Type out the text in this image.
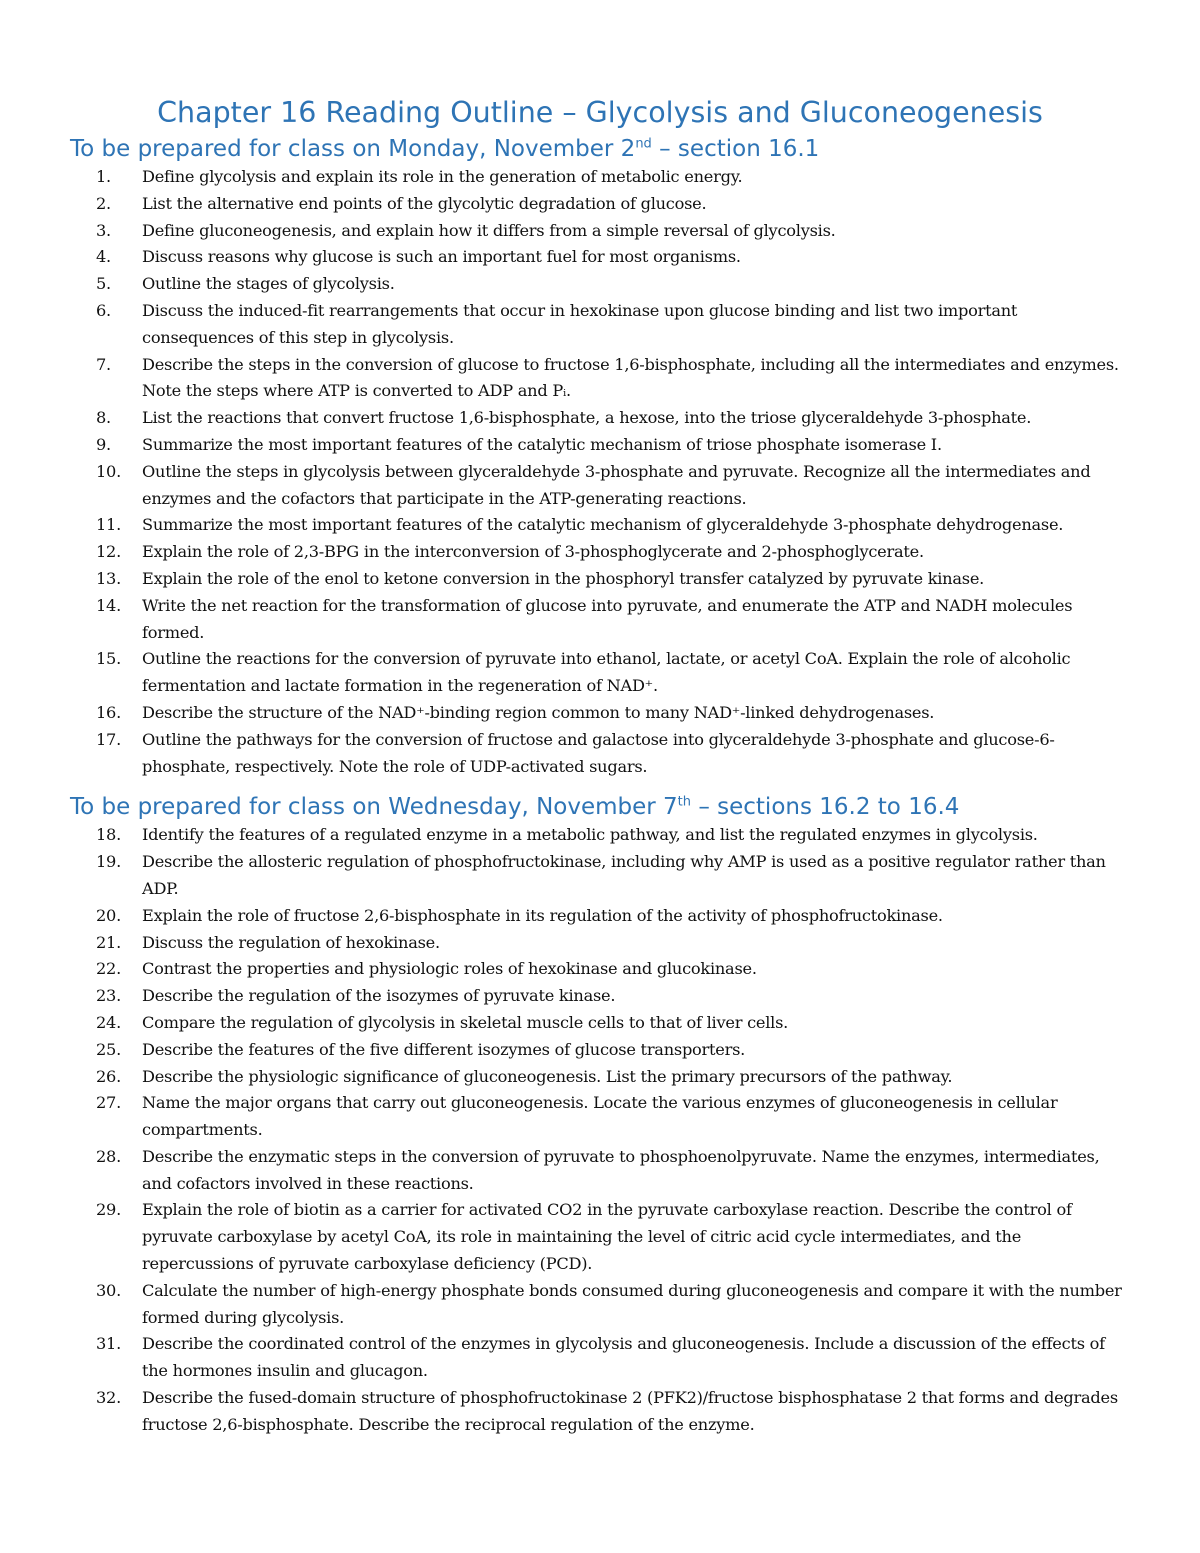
Chapter 16 Reading Outline – Glycolysis and Gluconeogenesis
To be prepared for class on Monday, November 2nd – section 16.1
1.	Define glycolysis and explain its role in the generation of metabolic energy.
2.	List the alternative end points of the glycolytic degradation of glucose.
3.	Define gluconeogenesis, and explain how it differs from a simple reversal of glycolysis.
4.	Discuss reasons why glucose is such an important fuel for most organisms.
5.	Outline the stages of glycolysis.
6.	Discuss the induced-fit rearrangements that occur in hexokinase upon glucose binding and list two important consequences of this step in glycolysis.
7.	Describe the steps in the conversion of glucose to fructose 1,6-bisphosphate, including all the intermediates and enzymes. Note the steps where ATP is converted to ADP and Pᵢ.
8.	List the reactions that convert fructose 1,6-bisphosphate, a hexose, into the triose glyceraldehyde 3-phosphate.
9.	Summarize the most important features of the catalytic mechanism of triose phosphate isomerase I.
10.	Outline the steps in glycolysis between glyceraldehyde 3-phosphate and pyruvate. Recognize all the intermediates and enzymes and the cofactors that participate in the ATP-generating reactions.
11.	Summarize the most important features of the catalytic mechanism of glyceraldehyde 3-phosphate dehydrogenase.
12.	Explain the role of 2,3-BPG in the interconversion of 3-phosphoglycerate and 2-phosphoglycerate.
13.	Explain the role of the enol to ketone conversion in the phosphoryl transfer catalyzed by pyruvate kinase.
14.	Write the net reaction for the transformation of glucose into pyruvate, and enumerate the ATP and NADH molecules formed.
15.	Outline the reactions for the conversion of pyruvate into ethanol, lactate, or acetyl CoA. Explain the role of alcoholic fermentation and lactate formation in the regeneration of NAD⁺.
16.	Describe the structure of the NAD⁺-binding region common to many NAD⁺-linked dehydrogenases.
17.	Outline the pathways for the conversion of fructose and galactose into glyceraldehyde 3-phosphate and glucose-6-phosphate, respectively. Note the role of UDP-activated sugars.
To be prepared for class on Wednesday, November 7th – sections 16.2 to 16.4
18.	Identify the features of a regulated enzyme in a metabolic pathway, and list the regulated enzymes in glycolysis.
19.	Describe the allosteric regulation of phosphofructokinase, including why AMP is used as a positive regulator rather than ADP.
20.	Explain the role of fructose 2,6-bisphosphate in its regulation of the activity of phosphofructokinase.
21.	Discuss the regulation of hexokinase.
22.	Contrast the properties and physiologic roles of hexokinase and glucokinase.
23.	Describe the regulation of the isozymes of pyruvate kinase.
24.	Compare the regulation of glycolysis in skeletal muscle cells to that of liver cells.
25.	Describe the features of the five different isozymes of glucose transporters.
26.	Describe the physiologic significance of gluconeogenesis. List the primary precursors of the pathway.
27.	Name the major organs that carry out gluconeogenesis. Locate the various enzymes of gluconeogenesis in cellular compartments.
28.	Describe the enzymatic steps in the conversion of pyruvate to phosphoenolpyruvate. Name the enzymes, intermediates, and cofactors involved in these reactions.
29.	Explain the role of biotin as a carrier for activated CO2 in the pyruvate carboxylase reaction. Describe the control of pyruvate carboxylase by acetyl CoA, its role in maintaining the level of citric acid cycle intermediates, and the repercussions of pyruvate carboxylase deficiency (PCD).
30.	Calculate the number of high-energy phosphate bonds consumed during gluconeogenesis and compare it with the number formed during glycolysis.
31.	Describe the coordinated control of the enzymes in glycolysis and gluconeogenesis. Include a discussion of the effects of the hormones insulin and glucagon.
32.	Describe the fused-domain structure of phosphofructokinase 2 (PFK2)/fructose bisphosphatase 2 that forms and degrades fructose 2,6-bisphosphate. Describe the reciprocal regulation of the enzyme.
